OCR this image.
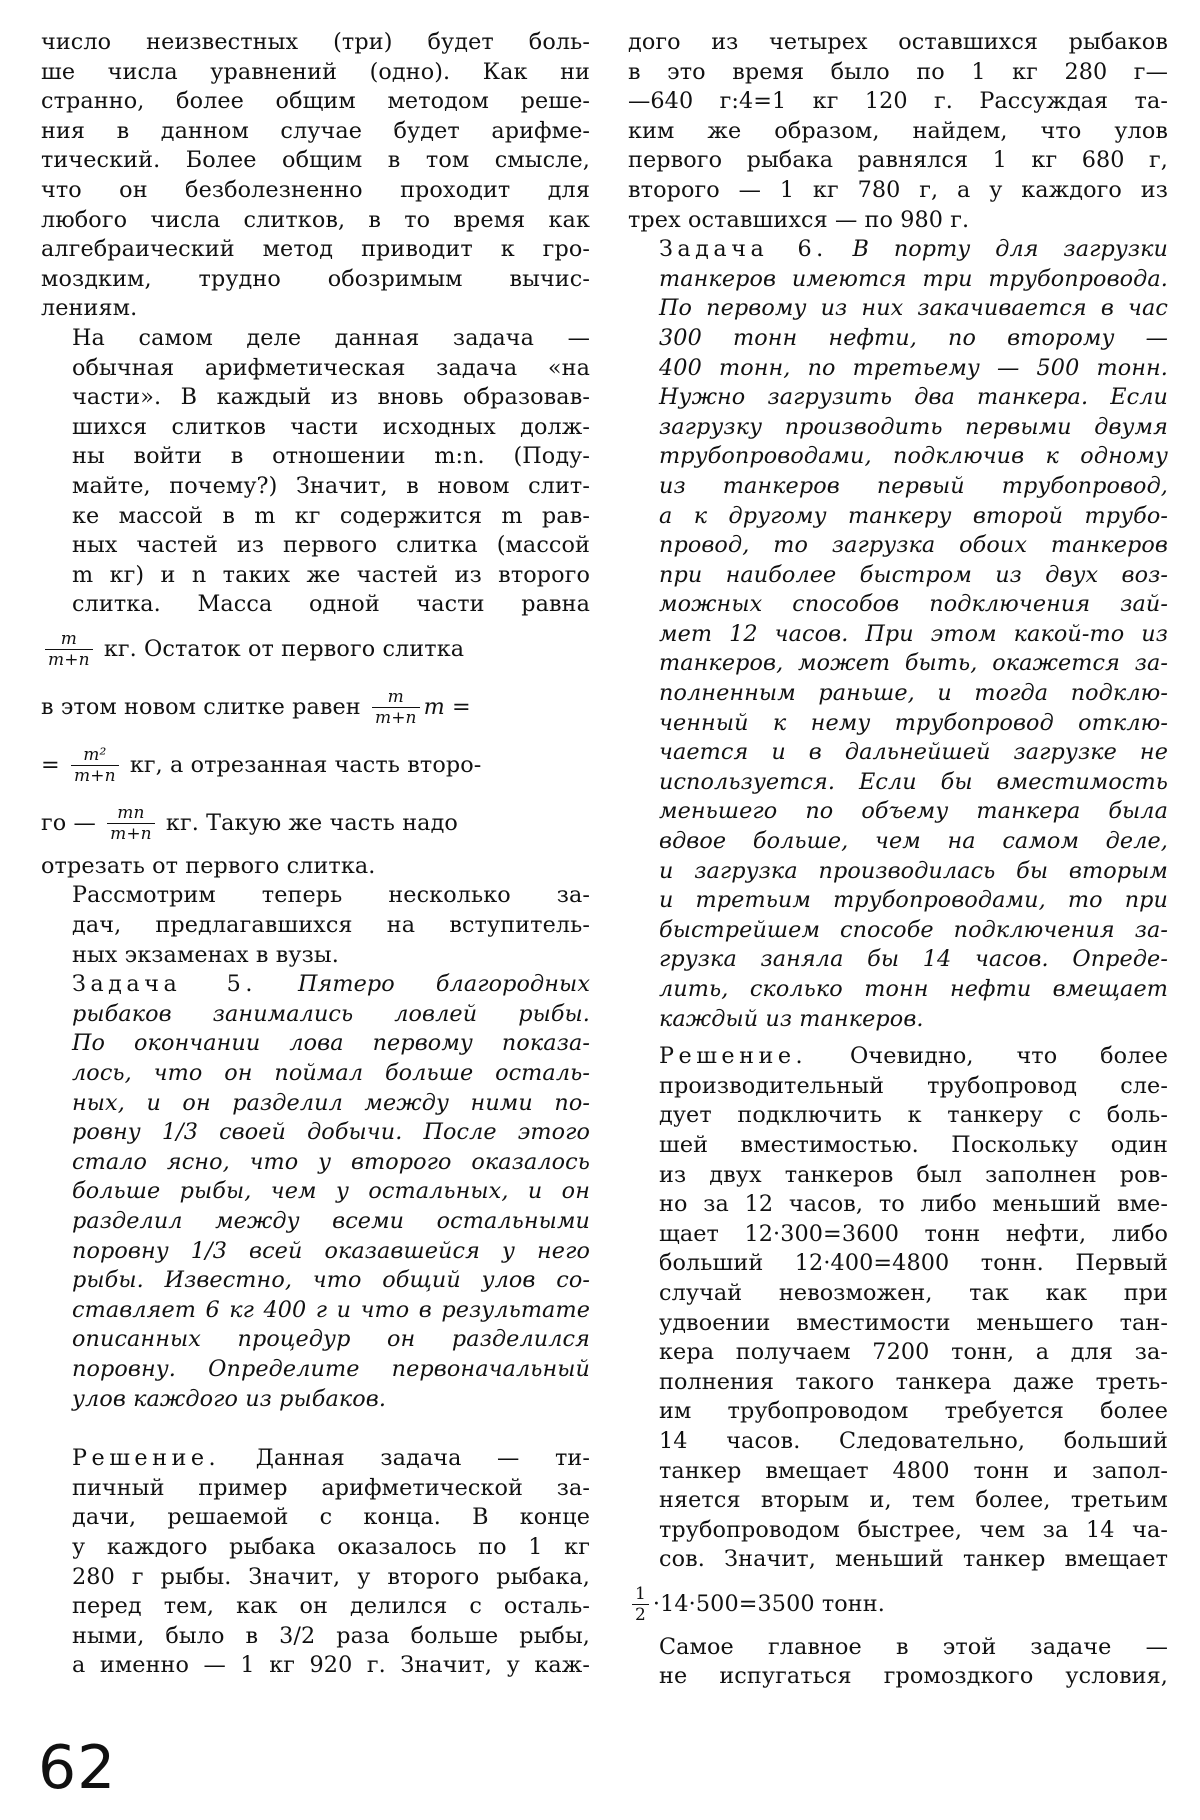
число неизвестных (три) будет боль-
ше числа уравнений (одно). Как ни
странно, более общим методом реше-
ния в данном случае будет арифме-
тический. Более общим в том смысле,
что он безболезненно проходит для
любого числа слитков, в то время как
алгебраический метод приводит к гро-
моздким, трудно обозримым вычис-
лениям.

На самом деле данная задача —
обычная арифметическая задача «на
части». В каждый из вновь образовав-
шихся слитков части исходных долж-
ны войти в отношении m:n. (Поду-
майте, почему?) Значит, в новом слит-
ке массой в m кг содержится m рав-
ных частей из первого слитка (массой
m кг) и n таких же частей из второго
слитка. Масса одной части равна

$\frac{m}{m+n}$ кг. Остаток от первого слитка
в этом новом слитке равен $\frac{m}{m+n}$ m =
= $\frac{\text{m²}}{m+n}$ кг, а отрезанная часть второ-
го — $\frac{mn}{m+n}$ кг. Такую же часть надо

отрезать от первого слитка.

Рассмотрим теперь несколько за-
дач, предлагавшихся на вступитель-
ных экзаменах в вузы.

Задача 5. Пятеро благородных
рыбаков занимались ловлей рыбы.
По окончании лова первому показа-
лось, что он поймал больше осталь-
ных, и он разделил между ними по-
ровну 1/3 своей добычи. После этого
стало ясно, что у второго оказалось
больше рыбы, чем у остальных, и он
разделил между всеми остальными
поровну 1/3 всей оказавшейся у него
рыбы. Известно, что общий улов со-
ставляет 6 кг 400 г и что в результате
описанных процедур он разделился
поровну. Определите первоначальный
улов каждого из рыбаков.

Решение. Данная задача — ти-
пичный пример арифметической за-
дачи, решаемой с конца. В конце
у каждого рыбака оказалось по 1 кг
280 г рыбы. Значит, у второго рыбака,
перед тем, как он делился с осталь-
ными, было в 3/2 раза больше рыбы,
а именно — 1 кг 920 г. Значит, у каж-

дого из четырех оставшихся рыбаков
в это время было по 1 кг 280 г—
—640 г:4=1 кг 120 г. Рассуждая та-
ким же образом, найдем, что улов
первого рыбака равнялся 1 кг 680 г,
второго — 1 кг 780 г, а у каждого из
трех оставшихся — по 980 г.

Задача 6. В порту для загрузки
танкеров имеются три трубопровода.
По первому из них закачивается в час
300 тонн нефти, по второму —
400 тонн, по третьему — 500 тонн.
Нужно загрузить два танкера. Если
загрузку производить первыми двумя
трубопроводами, подключив к одному
из танкеров первый трубопровод,
а к другому танкеру второй трубо-
провод, то загрузка обоих танкеров
при наиболее быстром из двух воз-
можных способов подключения зай-
мет 12 часов. При этом какой-то из
танкеров, может быть, окажется за-
полненным раньше, и тогда подклю-
ченный к нему трубопровод отклю-
чается и в дальнейшей загрузке не
используется. Если бы вместимость
меньшего по объему танкера была
вдвое больше, чем на самом деле,
и загрузка производилась бы вторым
и третьим трубопроводами, то при
быстрейшем способе подключения за-
грузка заняла бы 14 часов. Опреде-
лить, сколько тонн нефти вмещает
каждый из танкеров.

Решение. Очевидно, что более
производительный трубопровод сле-
дует подключить к танкеру с боль-
шей вместимостью. Поскольку один
из двух танкеров был заполнен ров-
но за 12 часов, то либо меньший вме-
щает 12·300=3600 тонн нефти, либо
больший 12·400=4800 тонн. Первый
случай невозможен, так как при
удвоении вместимости меньшего тан-
кера получаем 7200 тонн, а для за-
полнения такого танкера даже треть-
им трубопроводом требуется более
14 часов. Следовательно, больший
танкер вмещает 4800 тонн и запол-
няется вторым и, тем более, третьим
трубопроводом быстрее, чем за 14 ча-
сов. Значит, меньший танкер вмещает

$\frac{1}{2} \cdot 14\cdot 500=3500$ тонн.

Самое главное в этой задаче —
не испугаться громоздкого условия,

62
